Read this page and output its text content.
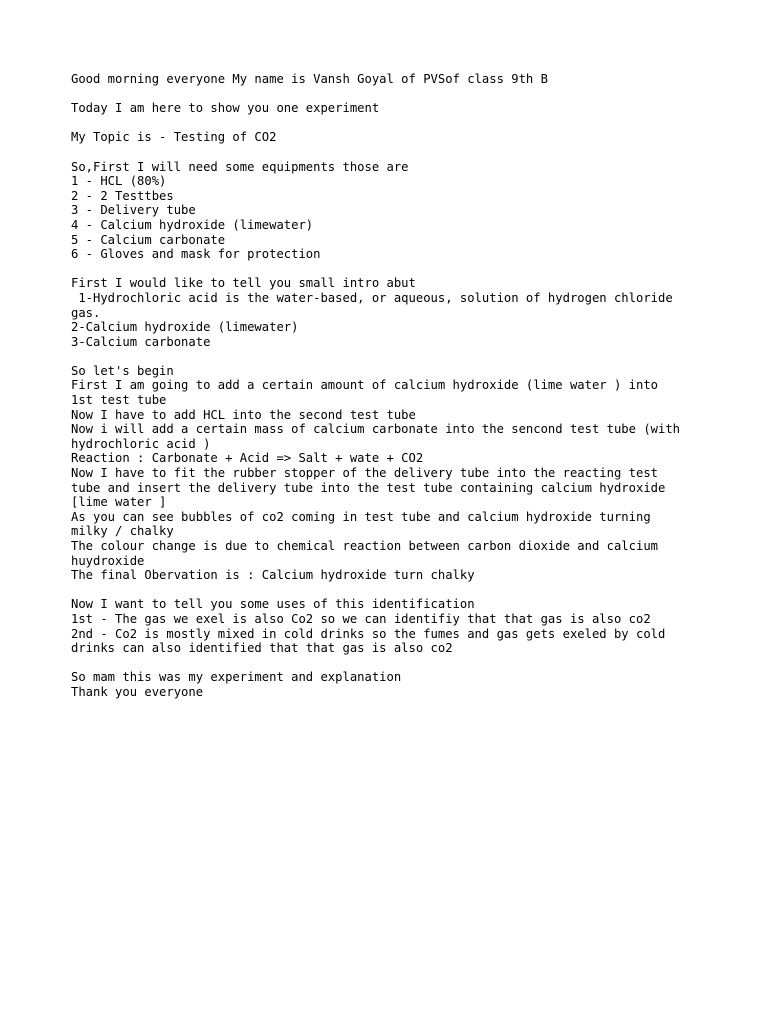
Good morning everyone My name is Vansh Goyal of PVSof class 9th B
Today I am here to show you one experiment
My Topic is - Testing of CO2
So,First I will need some equipments those are
1 - HCL (80%)
2 - 2 Testtbes
3 - Delivery tube
4 - Calcium hydroxide (limewater)
5 - Calcium carbonate
6 - Gloves and mask for protection
First I would like to tell you small intro abut
1-Hydrochloric acid is the water-based, or aqueous, solution of hydrogen chloride
gas.
2-Calcium hydroxide (limewater)
3-Calcium carbonate
So let's begin
First I am going to add a certain amount of calcium hydroxide (lime water ) into
1st test tube
Now I have to add HCL into the second test tube
Now i will add a certain mass of calcium carbonate into the sencond test tube (with
hydrochloric acid )
Reaction : Carbonate + Acid => Salt + wate + CO2
Now I have to fit the rubber stopper of the delivery tube into the reacting test
tube and insert the delivery tube into the test tube containing calcium hydroxide
[lime water ]
As you can see bubbles of co2 coming in test tube and calcium hydroxide turning
milky / chalky
The colour change is due to chemical reaction between carbon dioxide and calcium
huydroxide
The final Obervation is : Calcium hydroxide turn chalky
Now I want to tell you some uses of this identification
1st - The gas we exel is also Co2 so we can identifiy that that gas is also co2
2nd - Co2 is mostly mixed in cold drinks so the fumes and gas gets exeled by cold
drinks can also identified that that gas is also co2
So mam this was my experiment and explanation
Thank you everyone
